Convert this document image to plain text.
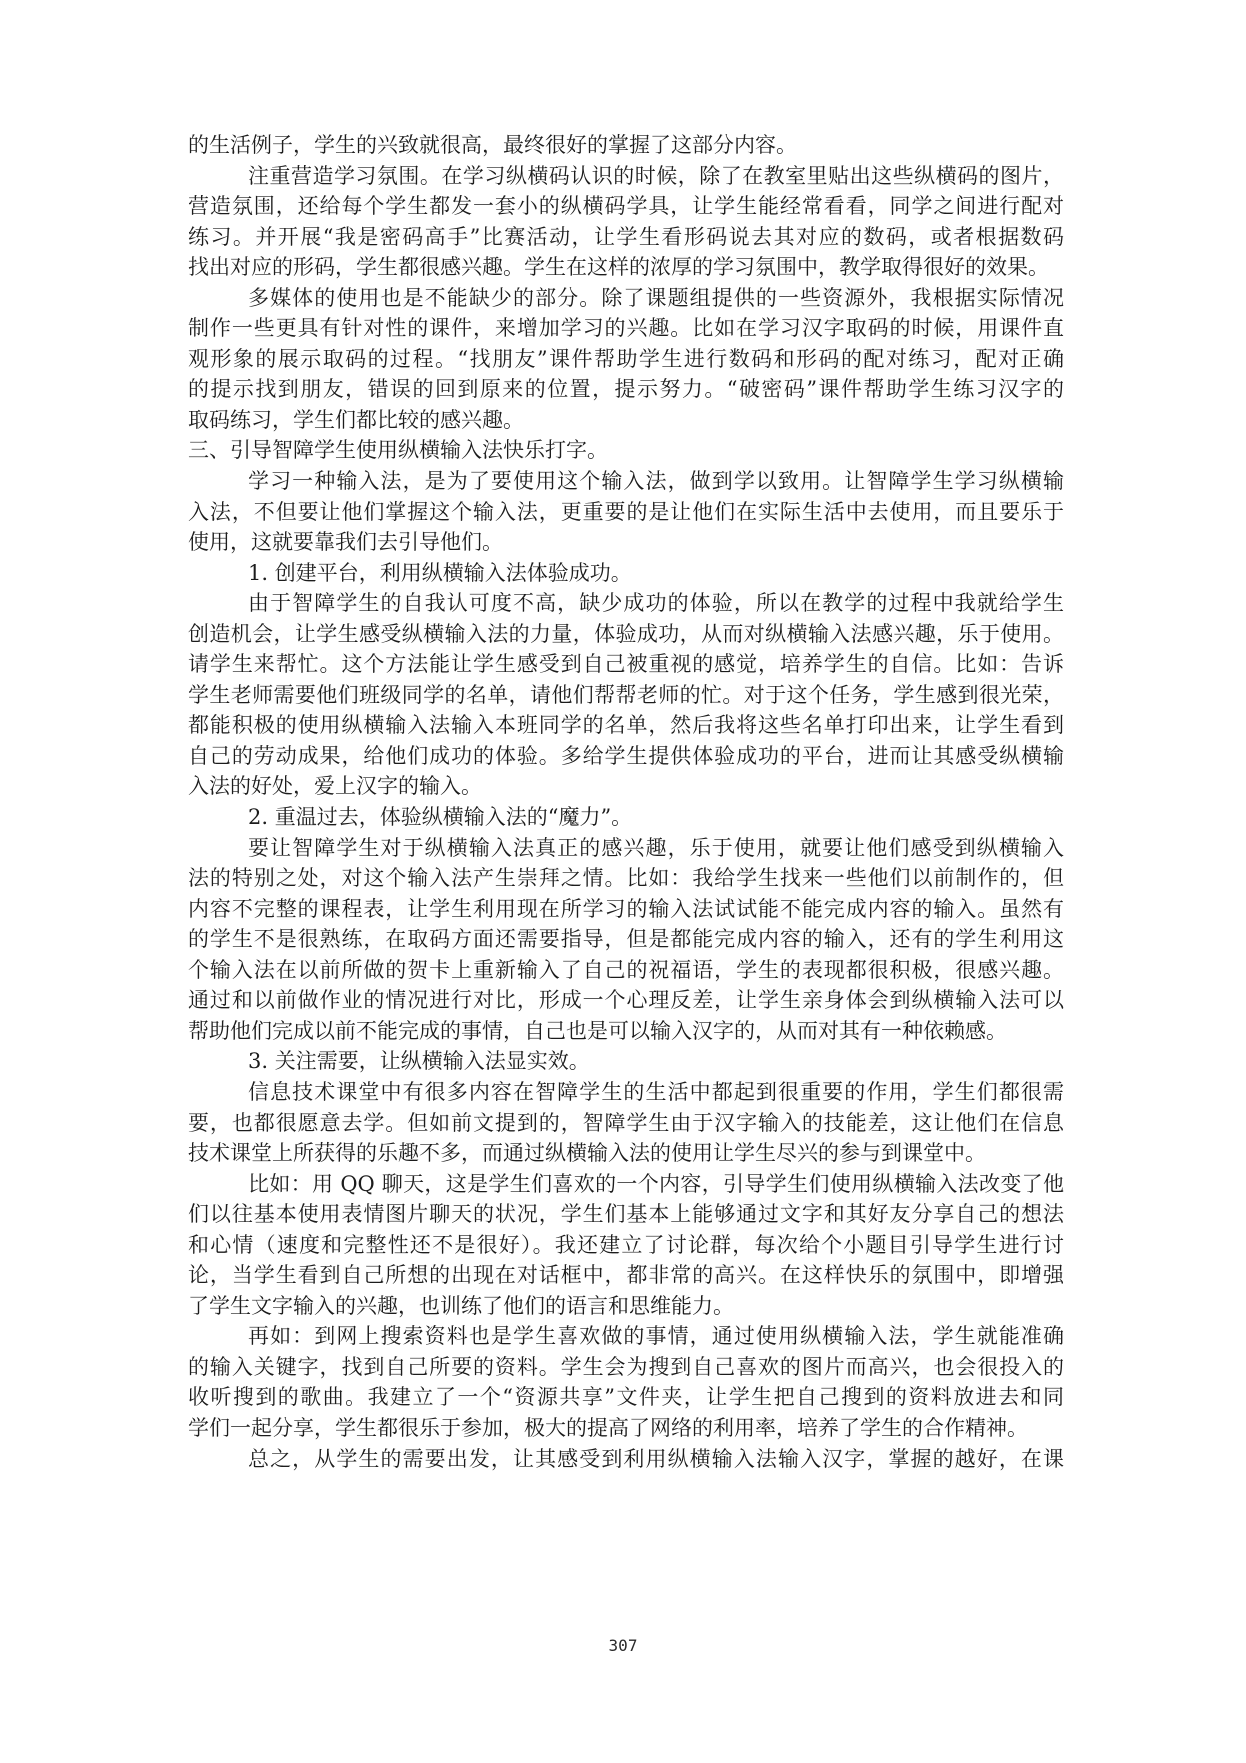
的生活例子，学生的兴致就很高，最终很好的掌握了这部分内容。
注重营造学习氛围。在学习纵横码认识的时候，除了在教室里贴出这些纵横码的图片，
营造氛围，还给每个学生都发一套小的纵横码学具，让学生能经常看看，同学之间进行配对
练习。并开展“我是密码高手”比赛活动，让学生看形码说去其对应的数码，或者根据数码
找出对应的形码，学生都很感兴趣。学生在这样的浓厚的学习氛围中，教学取得很好的效果。
多媒体的使用也是不能缺少的部分。除了课题组提供的一些资源外，我根据实际情况
制作一些更具有针对性的课件，来增加学习的兴趣。比如在学习汉字取码的时候，用课件直
观形象的展示取码的过程。“找朋友”课件帮助学生进行数码和形码的配对练习，配对正确
的提示找到朋友，错误的回到原来的位置，提示努力。“破密码”课件帮助学生练习汉字的
取码练习，学生们都比较的感兴趣。
三、引导智障学生使用纵横输入法快乐打字。
学习一种输入法，是为了要使用这个输入法，做到学以致用。让智障学生学习纵横输
入法，不但要让他们掌握这个输入法，更重要的是让他们在实际生活中去使用，而且要乐于
使用，这就要靠我们去引导他们。
1. 创建平台，利用纵横输入法体验成功。
由于智障学生的自我认可度不高，缺少成功的体验，所以在教学的过程中我就给学生
创造机会，让学生感受纵横输入法的力量，体验成功，从而对纵横输入法感兴趣，乐于使用。
请学生来帮忙。这个方法能让学生感受到自己被重视的感觉，培养学生的自信。比如：告诉
学生老师需要他们班级同学的名单，请他们帮帮老师的忙。对于这个任务，学生感到很光荣，
都能积极的使用纵横输入法输入本班同学的名单，然后我将这些名单打印出来，让学生看到
自己的劳动成果，给他们成功的体验。多给学生提供体验成功的平台，进而让其感受纵横输
入法的好处，爱上汉字的输入。
2. 重温过去，体验纵横输入法的“魔力”。
要让智障学生对于纵横输入法真正的感兴趣，乐于使用，就要让他们感受到纵横输入
法的特别之处，对这个输入法产生崇拜之情。比如：我给学生找来一些他们以前制作的，但
内容不完整的课程表，让学生利用现在所学习的输入法试试能不能完成内容的输入。虽然有
的学生不是很熟练，在取码方面还需要指导，但是都能完成内容的输入，还有的学生利用这
个输入法在以前所做的贺卡上重新输入了自己的祝福语，学生的表现都很积极，很感兴趣。
通过和以前做作业的情况进行对比，形成一个心理反差，让学生亲身体会到纵横输入法可以
帮助他们完成以前不能完成的事情，自己也是可以输入汉字的，从而对其有一种依赖感。
3. 关注需要，让纵横输入法显实效。
信息技术课堂中有很多内容在智障学生的生活中都起到很重要的作用，学生们都很需
要，也都很愿意去学。但如前文提到的，智障学生由于汉字输入的技能差，这让他们在信息
技术课堂上所获得的乐趣不多，而通过纵横输入法的使用让学生尽兴的参与到课堂中。
比如：用 QQ 聊天，这是学生们喜欢的一个内容，引导学生们使用纵横输入法改变了他
们以往基本使用表情图片聊天的状况，学生们基本上能够通过文字和其好友分享自己的想法
和心情（速度和完整性还不是很好）。我还建立了讨论群，每次给个小题目引导学生进行讨
论，当学生看到自己所想的出现在对话框中，都非常的高兴。在这样快乐的氛围中，即增强
了学生文字输入的兴趣，也训练了他们的语言和思维能力。
再如：到网上搜索资料也是学生喜欢做的事情，通过使用纵横输入法，学生就能准确
的输入关键字，找到自己所要的资料。学生会为搜到自己喜欢的图片而高兴，也会很投入的
收听搜到的歌曲。我建立了一个“资源共享”文件夹，让学生把自己搜到的资料放进去和同
学们一起分享，学生都很乐于参加，极大的提高了网络的利用率，培养了学生的合作精神。
总之，从学生的需要出发，让其感受到利用纵横输入法输入汉字，掌握的越好，在课
307
